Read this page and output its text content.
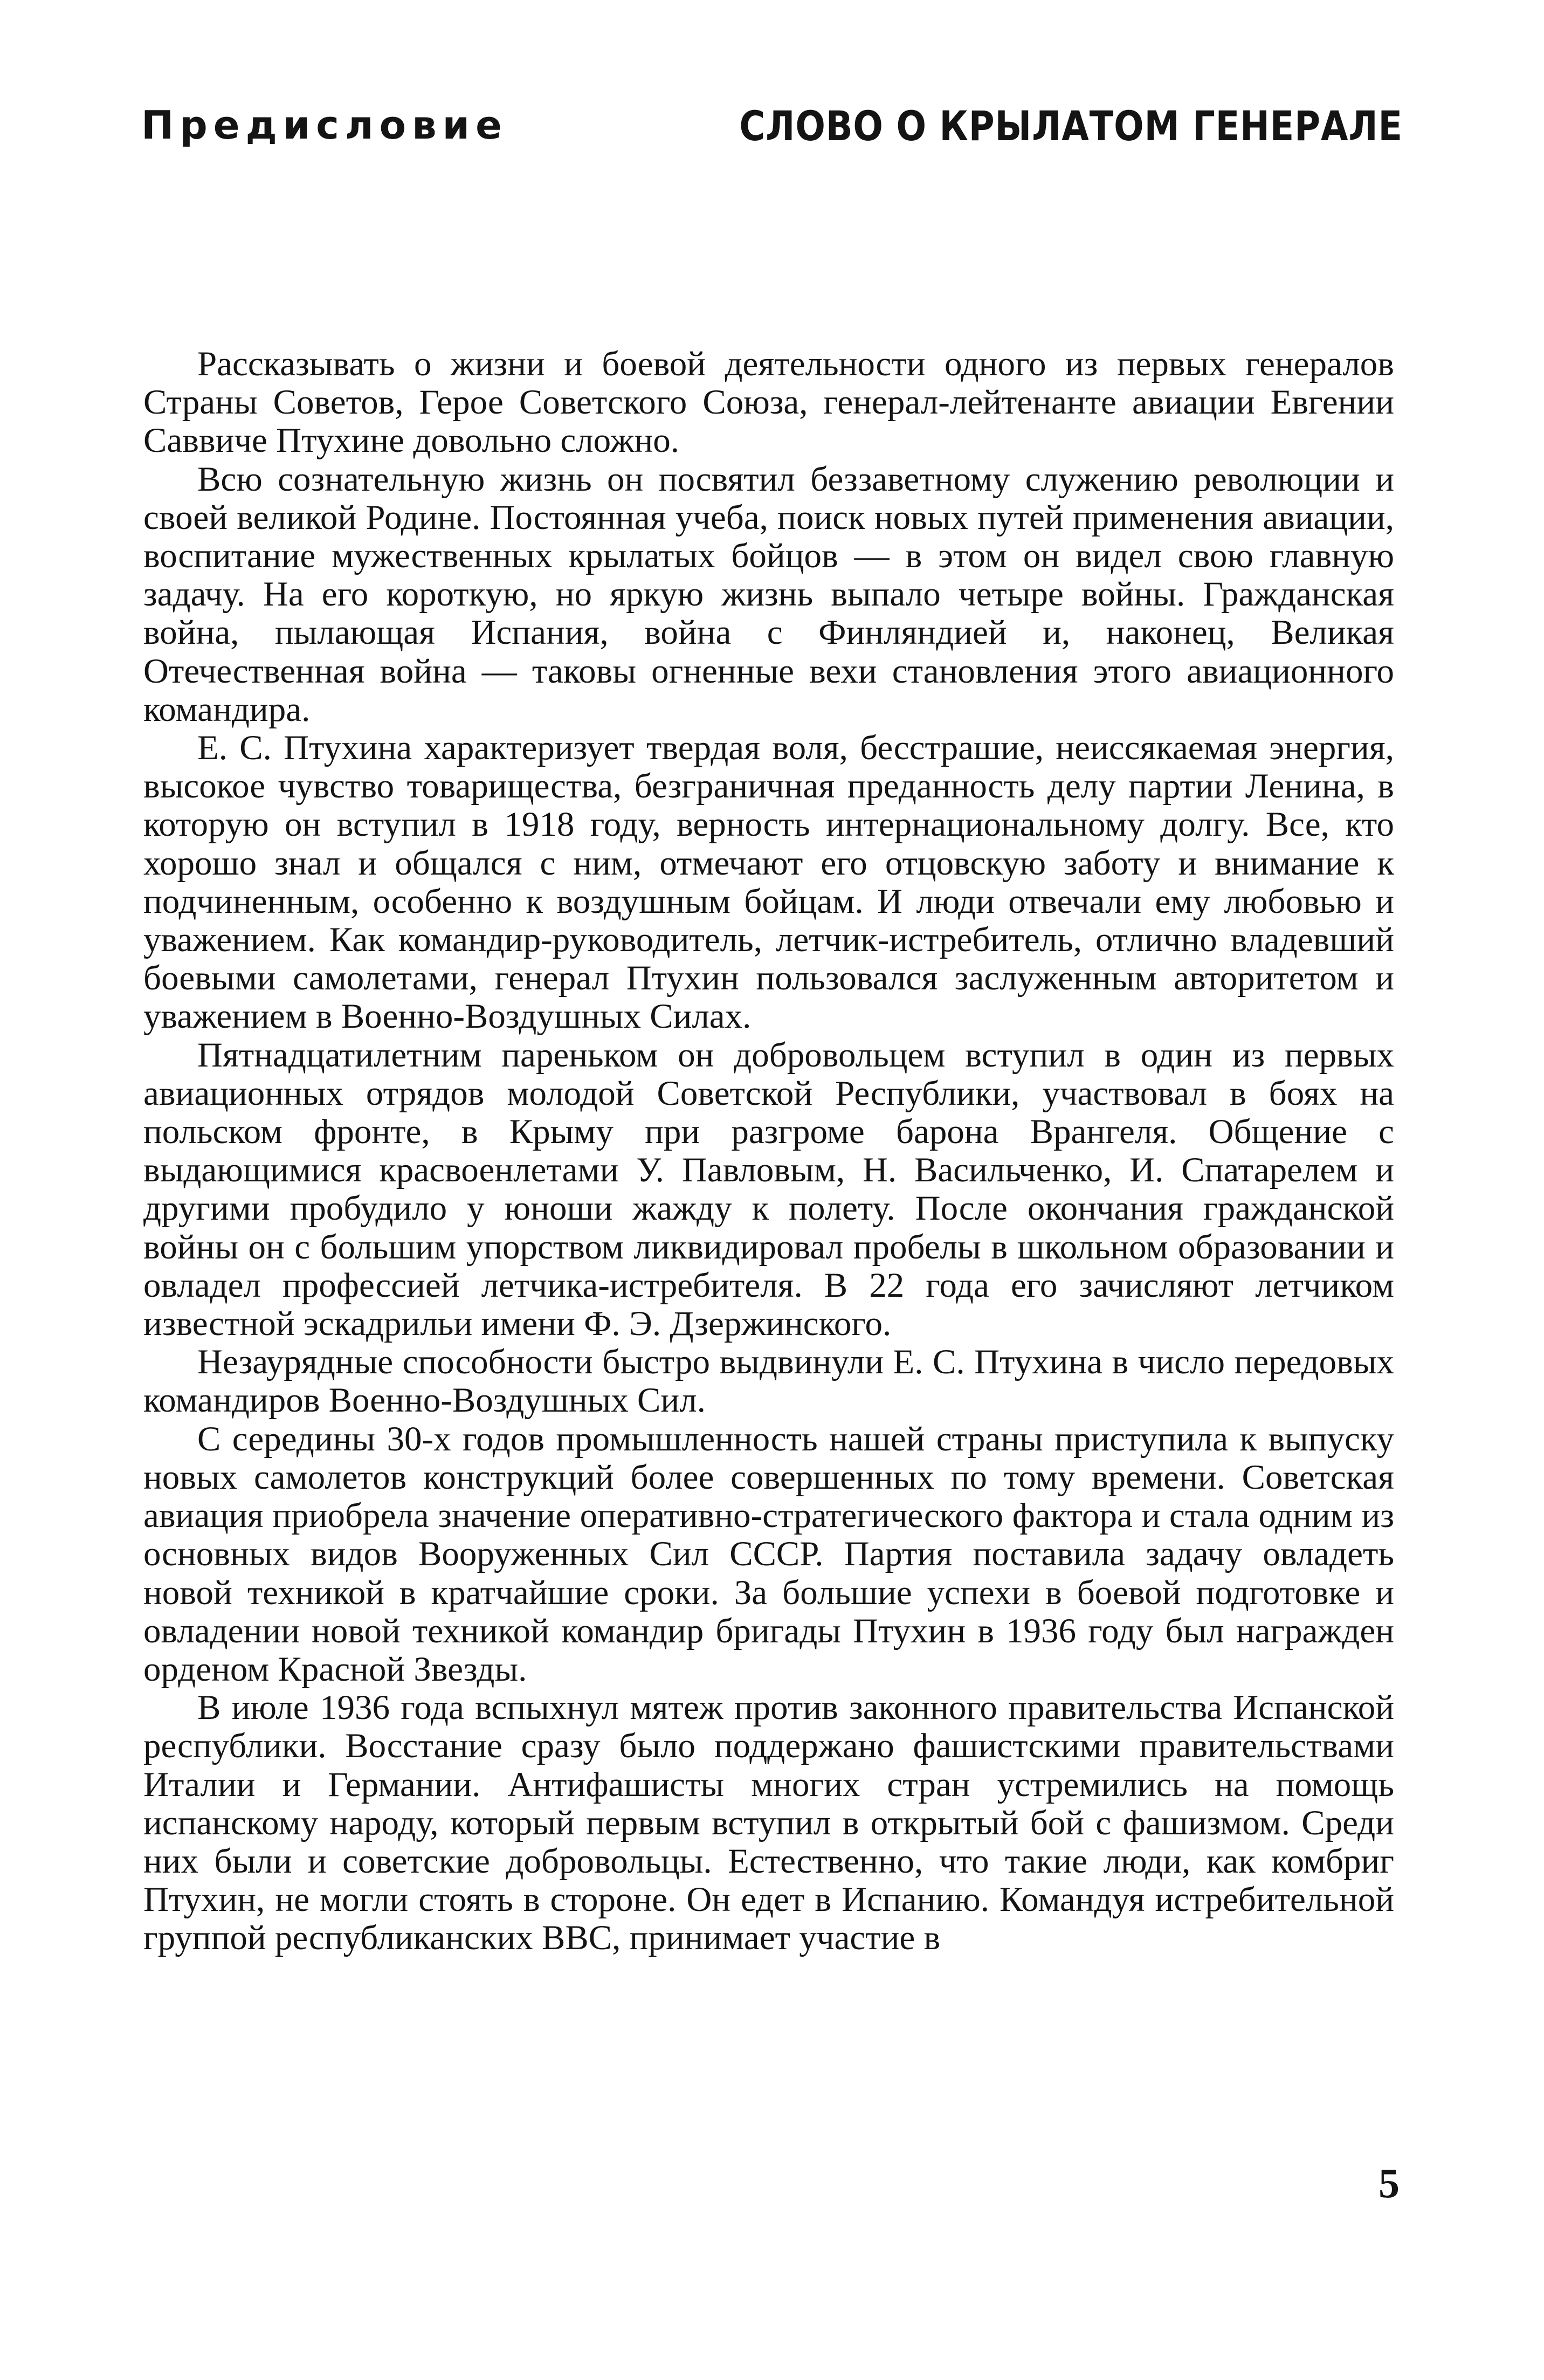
Предисловие	СЛОВО О КРЫЛАТОМ ГЕНЕРАЛЕ

Рассказывать о жизни и боевой деятельности одного из первых генералов Страны Советов, Герое Советского Союза, генерал-лейтенанте авиации Евгении Саввиче Птухине довольно сложно.

Всю сознательную жизнь он посвятил беззаветному служению революции и своей великой Родине. Постоянная учеба, поиск новых путей применения авиации, воспитание мужественных крылатых бойцов — в этом он видел свою главную задачу. На его короткую, но яркую жизнь выпало четыре войны. Гражданская война, пылающая Испания, война с Финляндией и, наконец, Великая Отечественная война — таковы огненные вехи становления этого авиационного командира.

Е. С. Птухина характеризует твердая воля, бесстрашие, неиссякаемая энергия, высокое чувство товарищества, безграничная преданность делу партии Ленина, в которую он вступил в 1918 году, верность интернациональному долгу. Все, кто хорошо знал и общался с ним, отмечают его отцовскую заботу и внимание к подчиненным, особенно к воздушным бойцам. И люди отвечали ему любовью и уважением. Как командир-руководитель, летчик-истребитель, отлично владевший боевыми самолетами, генерал Птухин пользовался заслуженным авторитетом и уважением в Военно-Воздушных Силах.

Пятнадцатилетним пареньком он добровольцем вступил в один из первых авиационных отрядов молодой Советской Республики, участвовал в боях на польском фронте, в Крыму при разгроме барона Врангеля. Общение с выдающимися красвоенлетами У. Павловым, Н. Васильченко, И. Спатарелем и другими пробудило у юноши жажду к полету. После окончания гражданской войны он с большим упорством ликвидировал пробелы в школьном образовании и овладел профессией летчика-истребителя. В 22 года его зачисляют летчиком известной эскадрильи имени Ф. Э. Дзержинского.

Незаурядные способности быстро выдвинули Е. С. Птухина в число передовых командиров Военно-Воздушных Сил.

С середины 30-х годов промышленность нашей страны приступила к выпуску новых самолетов конструкций более совершенных по тому времени. Советская авиация приобрела значение оперативно-стратегического фактора и стала одним из основных видов Вооруженных Сил СССР. Партия поставила задачу овладеть новой техникой в кратчайшие сроки. За большие успехи в боевой подготовке и овладении новой техникой командир бригады Птухин в 1936 году был награжден орденом Красной Звезды.

В июле 1936 года вспыхнул мятеж против законного правительства Испанской республики. Восстание сразу было поддержано фашистскими правительствами Италии и Германии. Антифашисты многих стран устремились на помощь испанскому народу, который первым вступил в открытый бой с фашизмом. Среди них были и советские добровольцы. Естественно, что такие люди, как комбриг Птухин, не могли стоять в стороне. Он едет в Испанию. Командуя истребительной группой республиканских ВВС, принимает участие в

5
